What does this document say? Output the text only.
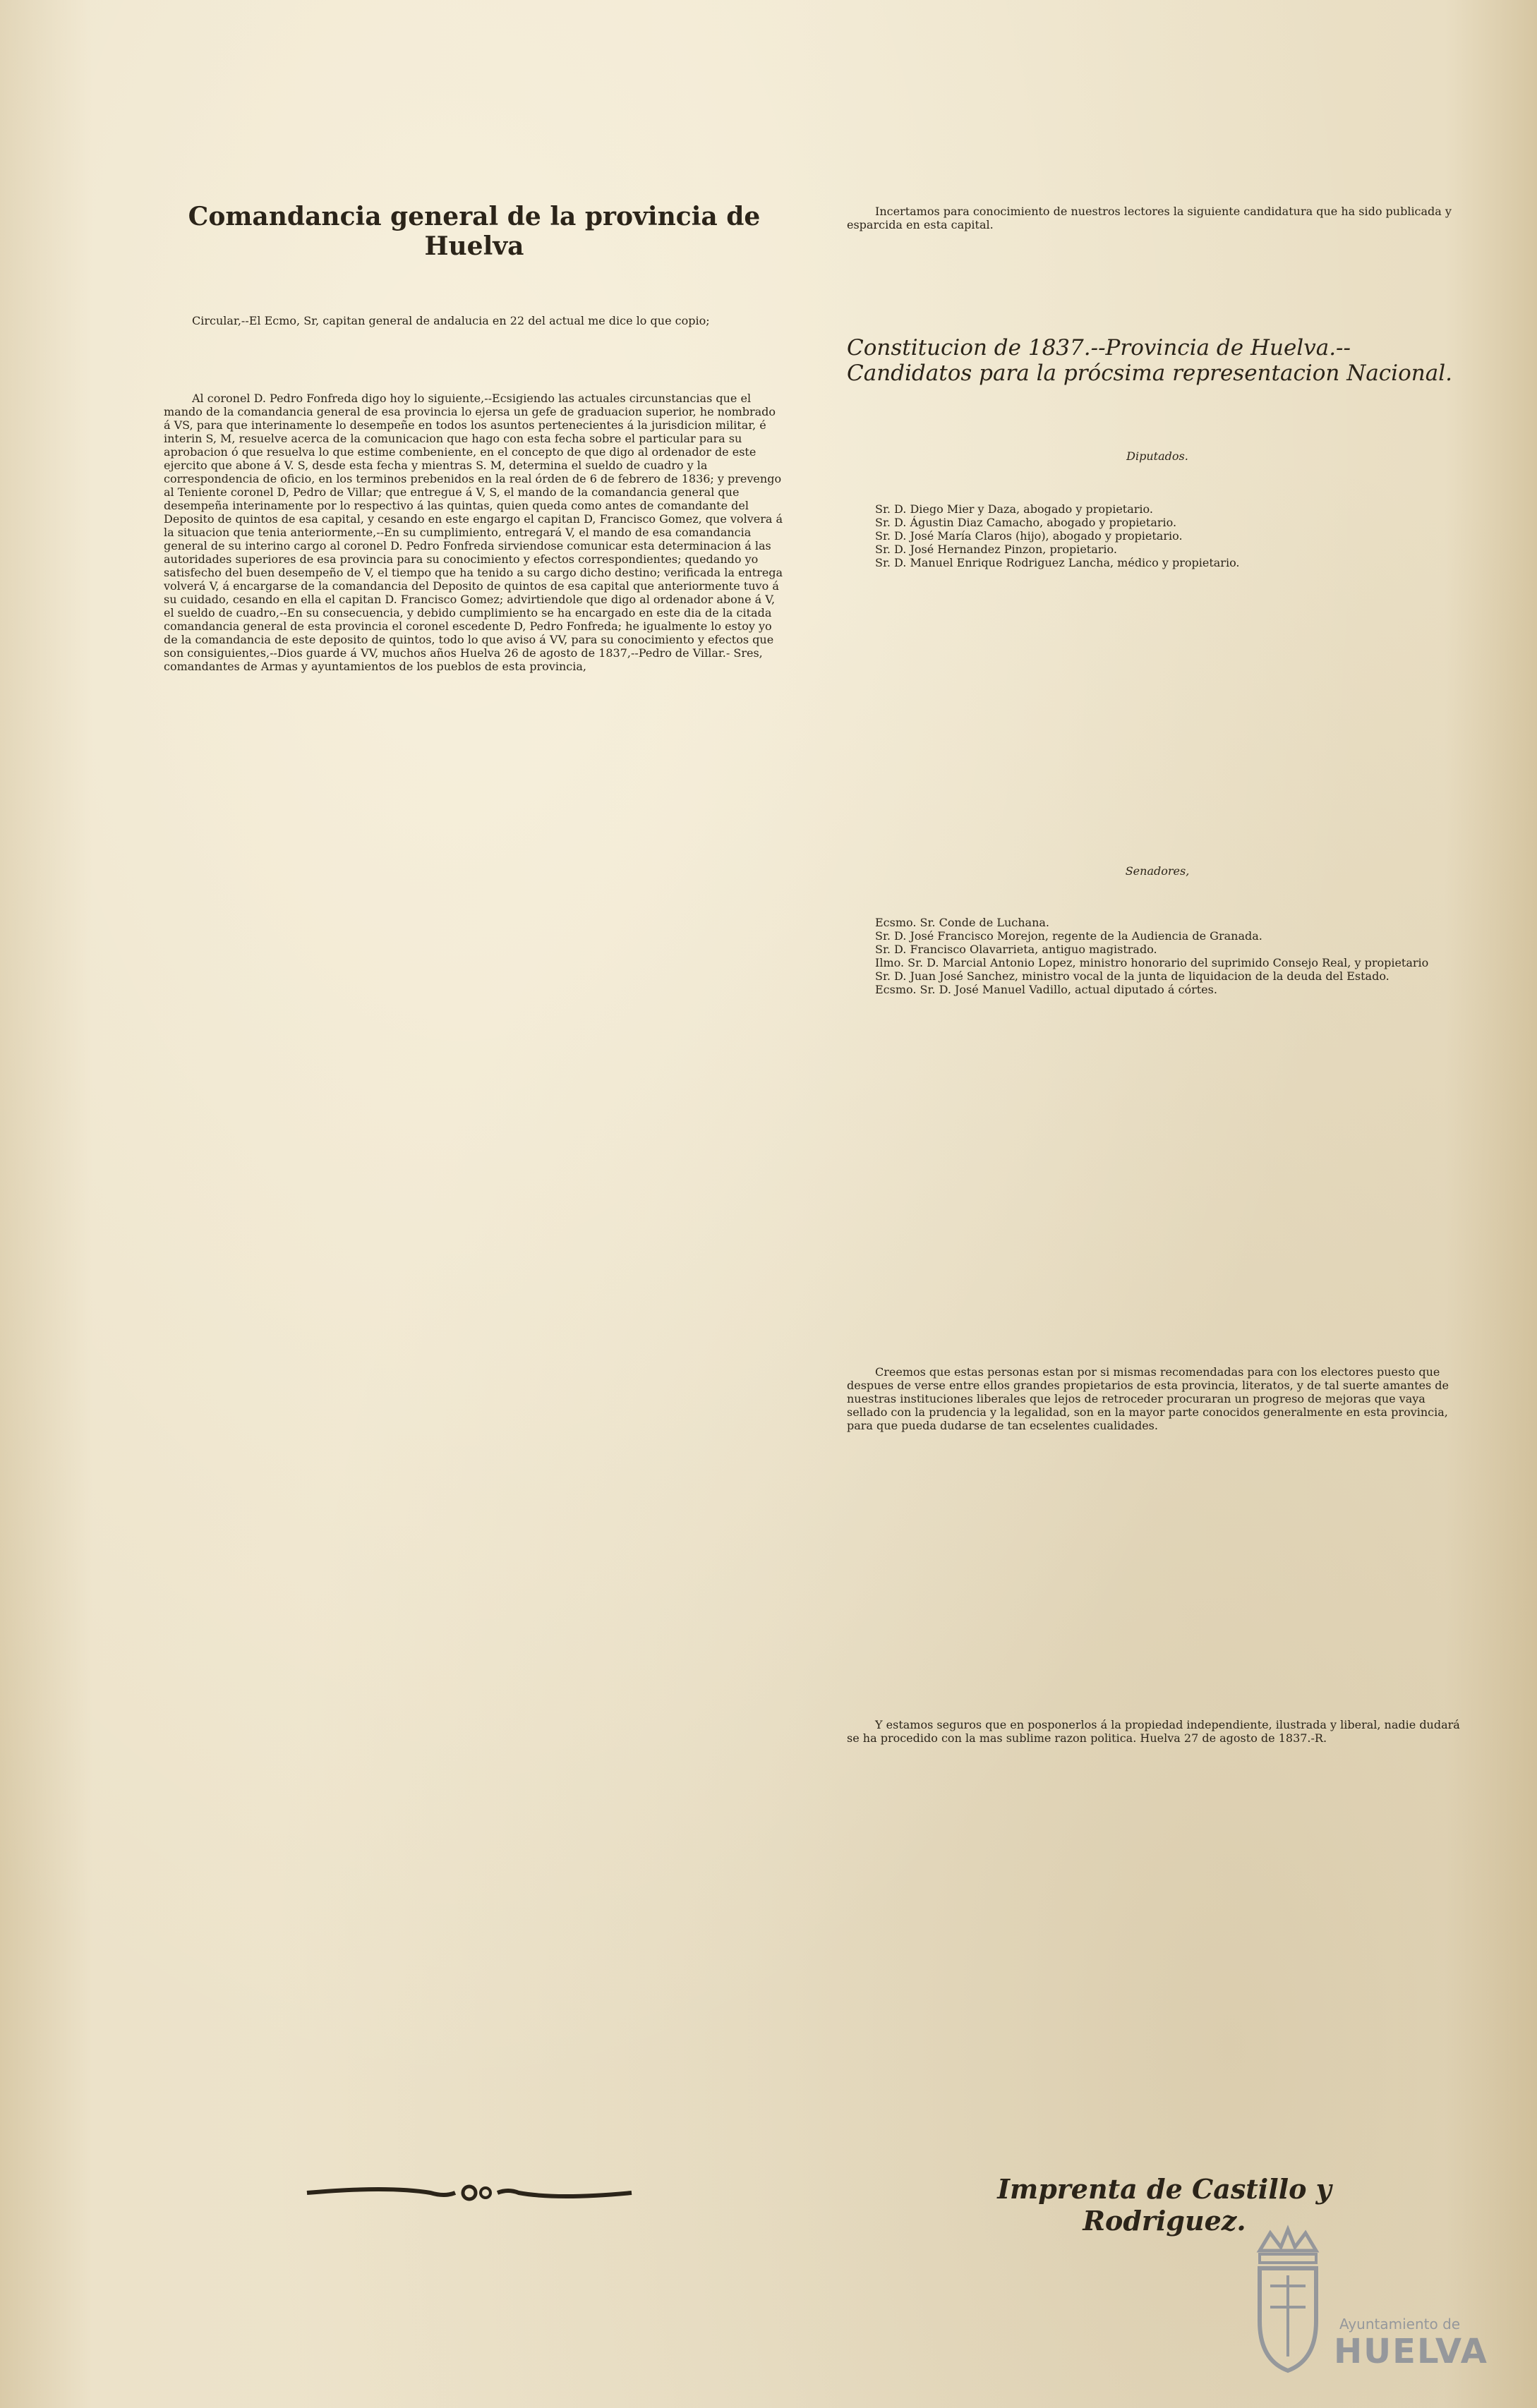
Comandancia general de la provincia de Huelva

Circular,--El Ecmo, Sr, capitan general de andalucia en 22 del actual me dice lo que copio;

Al coronel D. Pedro Fonfreda digo hoy lo siguiente,--Ecsigiendo las actuales circunstancias que el mando de la comandancia general de esa provincia lo ejersa un gefe de graduacion superior, he nombrado á VS, para que interinamente lo desempeñe en todos los asuntos pertenecientes á la jurisdicion militar, é interin S, M, resuelve acerca de la comunicacion que hago con esta fecha sobre el particular para su aprobacion ó que resuelva lo que estime combeniente, en el concepto de que digo al ordenador de este ejercito que abone á V. S, desde esta fecha y mientras S. M, determina el sueldo de cuadro y la correspondencia de oficio, en los terminos prebenidos en la real órden de 6 de febrero de 1836; y prevengo al Teniente coronel D, Pedro de Villar; que entregue á V, S, el mando de la comandancia general que desempeña interinamente por lo respectivo á las quintas, quien queda como antes de comandante del Deposito de quintos de esa capital, y cesando en este engargo el capitan D, Francisco Gomez, que volvera á la situacion que tenia anteriormente,--En su cumplimiento, entregará V, el mando de esa comandancia general de su interino cargo al coronel D. Pedro Fonfreda sirviendose comunicar esta determinacion á las autoridades superiores de esa provincia para su conocimiento y efectos correspondientes; quedando yo satisfecho del buen desempeño de V, el tiempo que ha tenido a su cargo dicho destino; verificada la entrega volverá V, á encargarse de la comandancia del Deposito de quintos de esa capital que anteriormente tuvo á su cuidado, cesando en ella el capitan D. Francisco Gomez; advirtiendole que digo al ordenador abone á V, el sueldo de cuadro,--En su consecuencia, y debido cumplimiento se ha encargado en este dia de la citada comandancia general de esta provincia el coronel escedente D, Pedro Fonfreda; he igualmente lo estoy yo de la comandancia de este deposito de quintos, todo lo que aviso á VV, para su conocimiento y efectos que son consiguientes,--Dios guarde á VV, muchos años Huelva 26 de agosto de 1837,--Pedro de Villar.- Sres, comandantes de Armas y ayuntamientos de los pueblos de esta provincia,

Incertamos para conocimiento de nuestros lectores la siguiente candidatura que ha sido publicada y esparcida en esta capital.

Constitucion de 1837.--Provincia de Huelva.--Candidatos para la prócsima representacion Nacional.

Diputados.

Sr. D. Diego Mier y Daza, abogado y propietario.

Sr. D. Águstin Diaz Camacho, abogado y propietario.

Sr. D. José María Claros (hijo), abogado y propietario.

Sr. D. José Hernandez Pinzon, propietario.

Sr. D. Manuel Enrique Rodriguez Lancha, médico y propietario.

Senadores,

Ecsmo. Sr. Conde de Luchana.

Sr. D. José Francisco Morejon, regente de la Audiencia de Granada.

Sr. D. Francisco Olavarrieta, antiguo magistrado.

Ilmo. Sr. D. Marcial Antonio Lopez, ministro honorario del suprimido Consejo Real, y propietario

Sr. D. Juan José Sanchez, ministro vocal de la junta de liquidacion de la deuda del Estado.

Ecsmo. Sr. D. José Manuel Vadillo, actual diputado á córtes.

Creemos que estas personas estan por si mismas recomendadas para con los electores puesto que despues de verse entre ellos grandes propietarios de esta provincia, literatos, y de tal suerte amantes de nuestras instituciones liberales que lejos de retroceder procuraran un progreso de mejoras que vaya sellado con la prudencia y la legalidad, son en la mayor parte conocidos generalmente en esta provincia, para que pueda dudarse de tan ecselentes cualidades.

Y estamos seguros que en posponerlos á la propiedad independiente, ilustrada y liberal, nadie dudará se ha procedido con la mas sublime razon politica. Huelva 27 de agosto de 1837.-R.

Imprenta de Castillo y Rodriguez.
Ayuntamiento de
HUELVA
